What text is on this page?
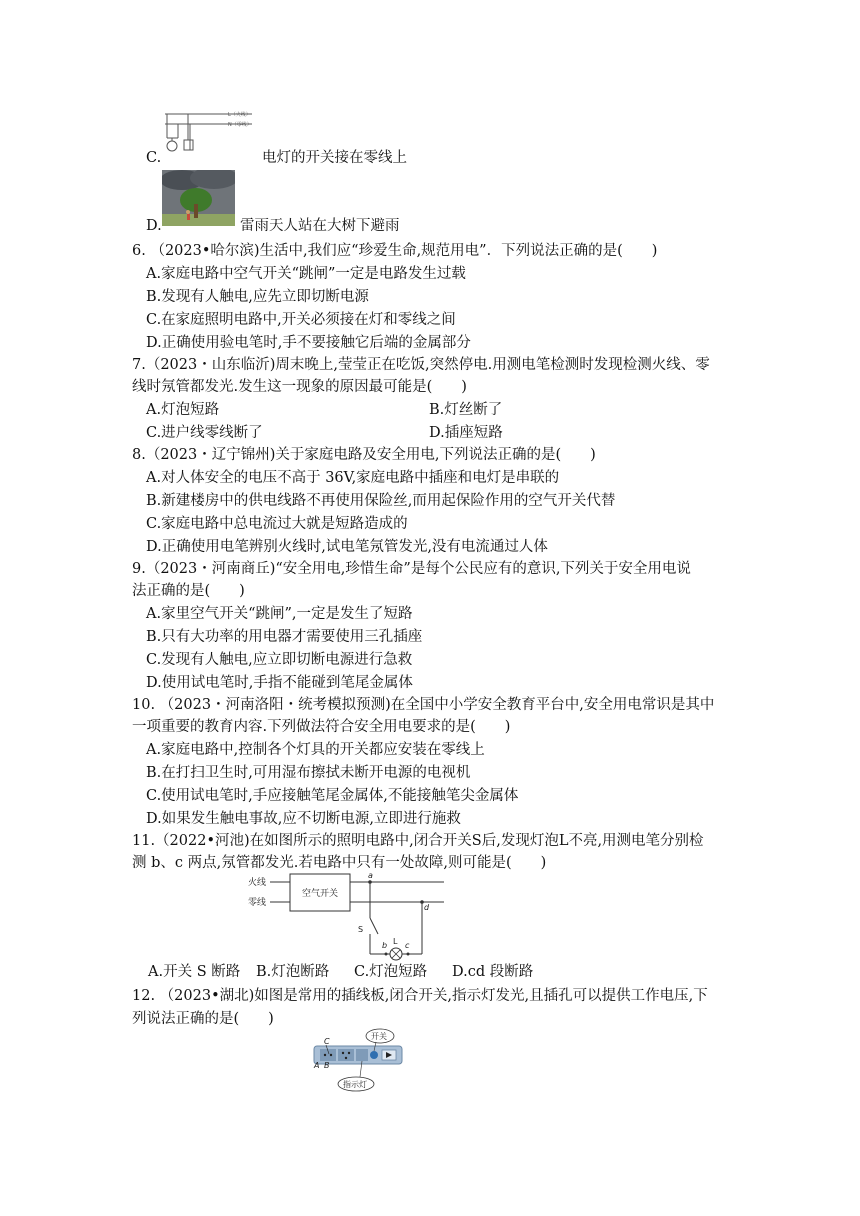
L（火线）
N（零线）
C.	电灯的开关接在零线上
D.	雷雨天人站在大树下避雨
6. （2023•哈尔滨)生活中,我们应“珍爱生命,规范用电”．下列说法正确的是(　　)
A.家庭电路中空气开关“跳闸”一定是电路发生过载
B.发现有人触电,应先立即切断电源
C.在家庭照明电路中,开关必须接在灯和零线之间
D.正确使用验电笔时,手不要接触它后端的金属部分
7.（2023・山东临沂)周末晚上,莹莹正在吃饭,突然停电.用测电笔检测时发现检测火线、零
线时氖管都发光.发生这一现象的原因最可能是(　　)
A.灯泡短路	B.灯丝断了
C.进户线零线断了	D.插座短路
8.（2023・辽宁锦州)关于家庭电路及安全用电,下列说法正确的是(　　)
A.对人体安全的电压不高于 36V,家庭电路中插座和电灯是串联的
B.新建楼房中的供电线路不再使用保险丝,而用起保险作用的空气开关代替
C.家庭电路中总电流过大就是短路造成的
D.正确使用电笔辨别火线时,试电笔氖管发光,没有电流通过人体
9.（2023・河南商丘)“安全用电,珍惜生命”是每个公民应有的意识,下列关于安全用电说
法正确的是(　　)
A.家里空气开关“跳闸”,一定是发生了短路
B.只有大功率的用电器才需要使用三孔插座
C.发现有人触电,应立即切断电源进行急救
D.使用试电笔时,手指不能碰到笔尾金属体
10. （2023・河南洛阳・统考模拟预测)在全国中小学安全教育平台中,安全用电常识是其中
一项重要的教育内容.下列做法符合安全用电要求的是(　　)
A.家庭电路中,控制各个灯具的开关都应安装在零线上
B.在打扫卫生时,可用湿布擦拭未断开电源的电视机
C.使用试电笔时,手应接触笔尾金属体,不能接触笔尖金属体
D.如果发生触电事故,应不切断电源,立即进行施救
11.（2022•河池)在如图所示的照明电路中,闭合开关S后,发现灯泡L不亮,用测电笔分别检
测 b、c 两点,氖管都发光.若电路中只有一处故障,则可能是(　　)
火线
零线
空气开关
a
d
S
b L c
A.开关 S 断路 B.灯泡断路 C.灯泡短路 D.cd 段断路
12. （2023•湖北)如图是常用的插线板,闭合开关,指示灯发光,且插孔可以提供工作电压,下
列说法正确的是(　　)
C
A B
开关
指示灯
